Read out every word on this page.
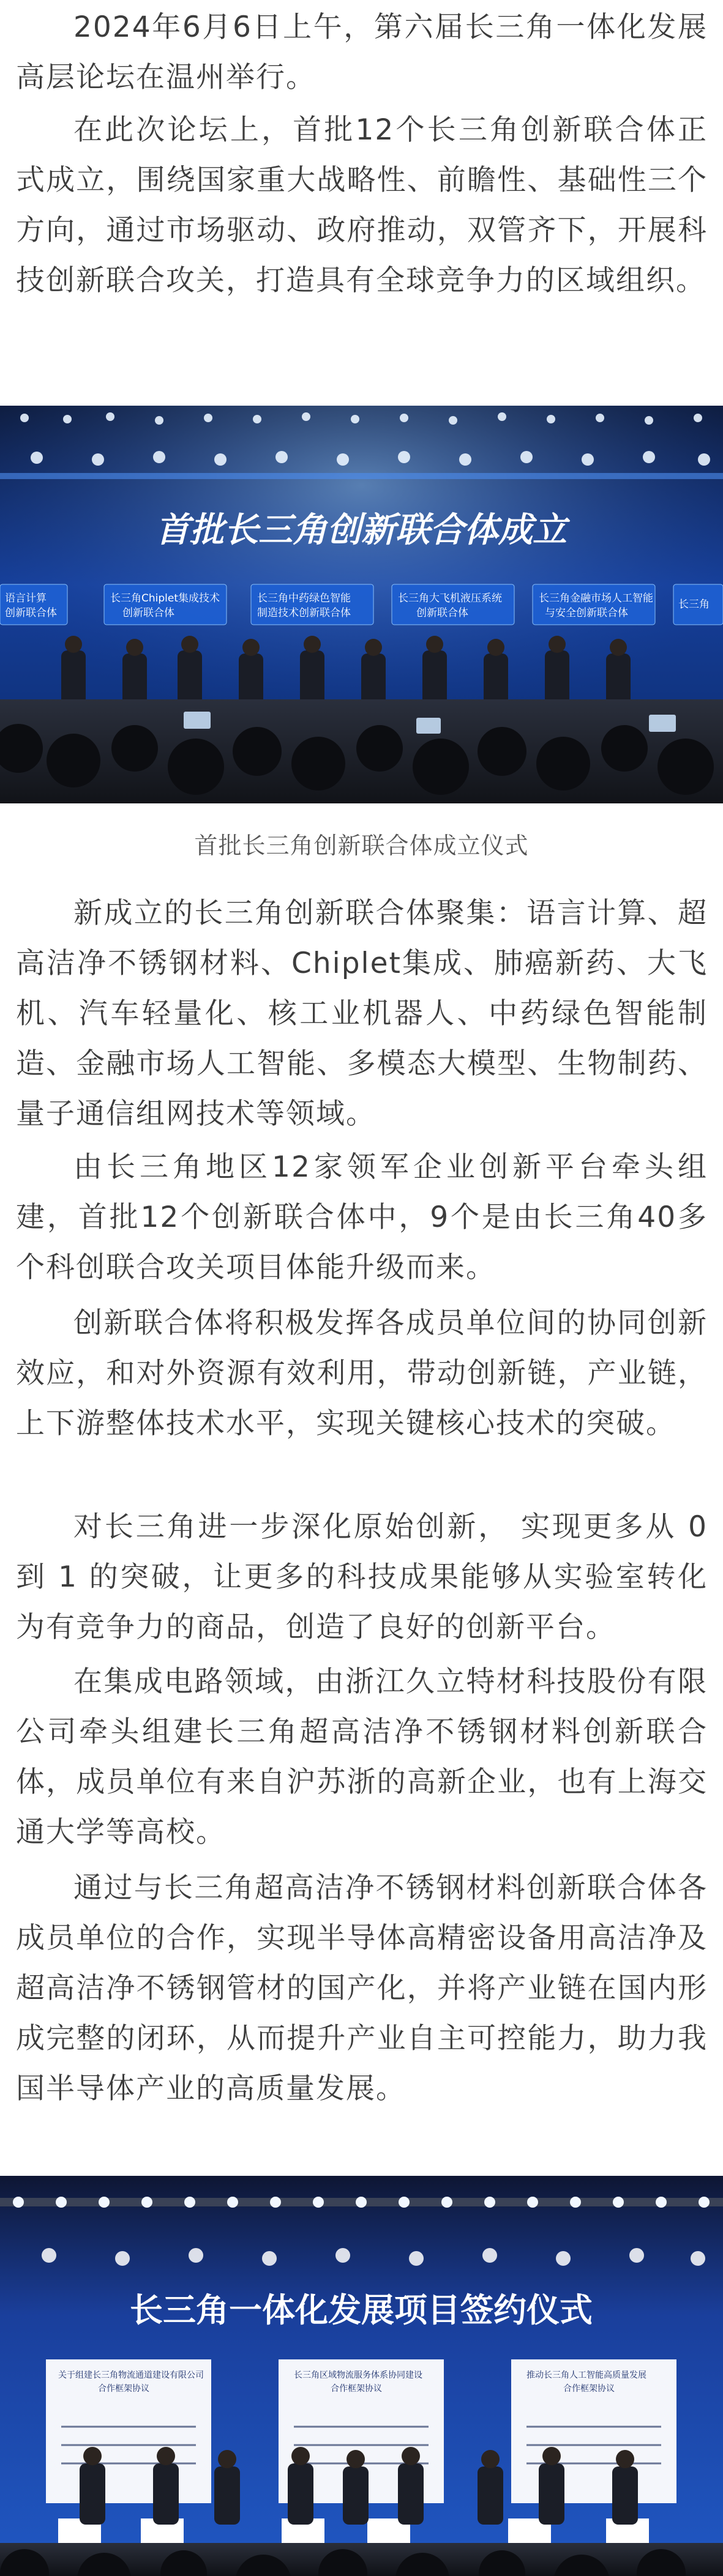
2024年6月6日上午，第六届长三角一体化发展高层论坛在温州举行。

在此次论坛上，首批12个长三角创新联合体正式成立，围绕国家重大战略性、前瞻性、基础性三个方向，通过市场驱动、政府推动，双管齐下，开展科技创新联合攻关，打造具有全球竞争力的区域组织。

首批长三角创新联合体成立
语言计算
创新联合体
长三角Chiplet集成技术
创新联合体
长三角中药绿色智能
制造技术创新联合体
长三角大飞机液压系统
创新联合体
长三角金融市场人工智能
与安全创新联合体
长三角
首批长三角创新联合体成立仪式

新成立的长三角创新联合体聚集：语言计算、超高洁净不锈钢材料、Chiplet集成、肺癌新药、大飞机、汽车轻量化、核工业机器人、中药绿色智能制造、金融市场人工智能、多模态大模型、生物制药、量子通信组网技术等领域。

由长三角地区12家领军企业创新平台牵头组建，首批12个创新联合体中，9个是由长三角40多个科创联合攻关项目体能升级而来。

创新联合体将积极发挥各成员单位间的协同创新效应，和对外资源有效利用，带动创新链，产业链，上下游整体技术水平，实现关键核心技术的突破。

对长三角进一步深化原始创新， 实现更多从 0 到 1 的突破，让更多的科技成果能够从实验室转化为有竞争力的商品，创造了良好的创新平台。

在集成电路领域，由浙江久立特材科技股份有限公司牵头组建长三角超高洁净不锈钢材料创新联合体，成员单位有来自沪苏浙的高新企业，也有上海交通大学等高校。

通过与长三角超高洁净不锈钢材料创新联合体各成员单位的合作，实现半导体高精密设备用高洁净及超高洁净不锈钢管材的国产化，并将产业链在国内形成完整的闭环，从而提升产业自主可控能力，助力我国半导体产业的高质量发展。

长三角一体化发展项目签约仪式
关于组建长三角物流通道建设有限公司
合作框架协议
长三角区域物流服务体系协同建设
合作框架协议
推动长三角人工智能高质量发展
合作框架协议
